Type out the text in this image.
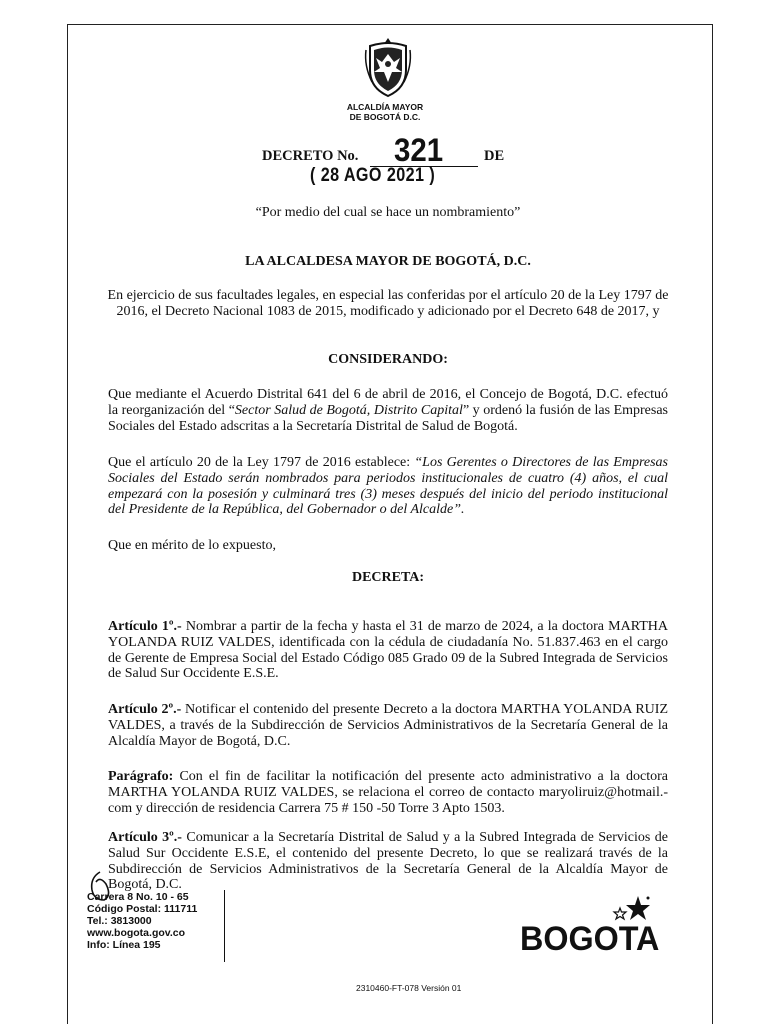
ALCALDÍA MAYOR
DE BOGOTÁ D.C.
DECRETO No. 321	DE
( 28 AGO 2021 )
“Por medio del cual se hace un nombramiento”
LA ALCALDESA MAYOR DE BOGOTÁ, D.C.
En ejercicio de sus facultades legales, en especial las conferidas por el artículo 20 de la Ley 1797 de 2016, el Decreto Nacional 1083 de 2015, modificado y adicionado por el Decreto 648 de 2017, y
CONSIDERANDO:
Que mediante el Acuerdo Distrital 641 del 6 de abril de 2016, el Concejo de Bogotá, D.C. efectuó la reorganización del “Sector Salud de Bogotá, Distrito Capital” y ordenó la fusión de las Empresas Sociales del Estado adscritas a la Secretaría Distrital de Salud de Bogotá.
Que el artículo 20 de la Ley 1797 de 2016 establece: “Los Gerentes o Directores de las Empresas Sociales del Estado serán nombrados para periodos institucionales de cuatro (4) años, el cual empezará con la posesión y culminará tres (3) meses después del inicio del periodo institucional del Presidente de la República, del Gobernador o del Alcalde”.
Que en mérito de lo expuesto,
DECRETA:
Artículo 1º.- Nombrar a partir de la fecha y hasta el 31 de marzo de 2024, a la doctora MARTHA YOLANDA RUIZ VALDES, identificada con la cédula de ciudadanía No. 51.837.463 en el cargo de Gerente de Empresa Social del Estado Código 085 Grado 09 de la Subred Integrada de Servicios de Salud Sur Occidente E.S.E.
Artículo 2º.- Notificar el contenido del presente Decreto a la doctora MARTHA YOLANDA RUIZ VALDES, a través de la Subdirección de Servicios Administrativos de la Secretaría General de la Alcaldía Mayor de Bogotá, D.C.
Parágrafo: Con el fin de facilitar la notificación del presente acto administrativo a la doctora MARTHA YOLANDA RUIZ VALDES, se relaciona el correo de contacto maryoliruiz@hotmail.-com y dirección de residencia Carrera 75 # 150 -50 Torre 3 Apto 1503.
Artículo 3º.- Comunicar a la Secretaría Distrital de Salud y a la Subred Integrada de Servicios de Salud Sur Occidente E.S.E, el contenido del presente Decreto, lo que se realizará través de la Subdirección de Servicios Administrativos de la Secretaría General de la Alcaldía Mayor de Bogotá, D.C.
Carrera 8 No. 10 - 65
Código Postal: 111711
Tel.: 3813000
www.bogota.gov.co
Info: Línea 195	BOGOTA
2310460-FT-078 Versión 01
